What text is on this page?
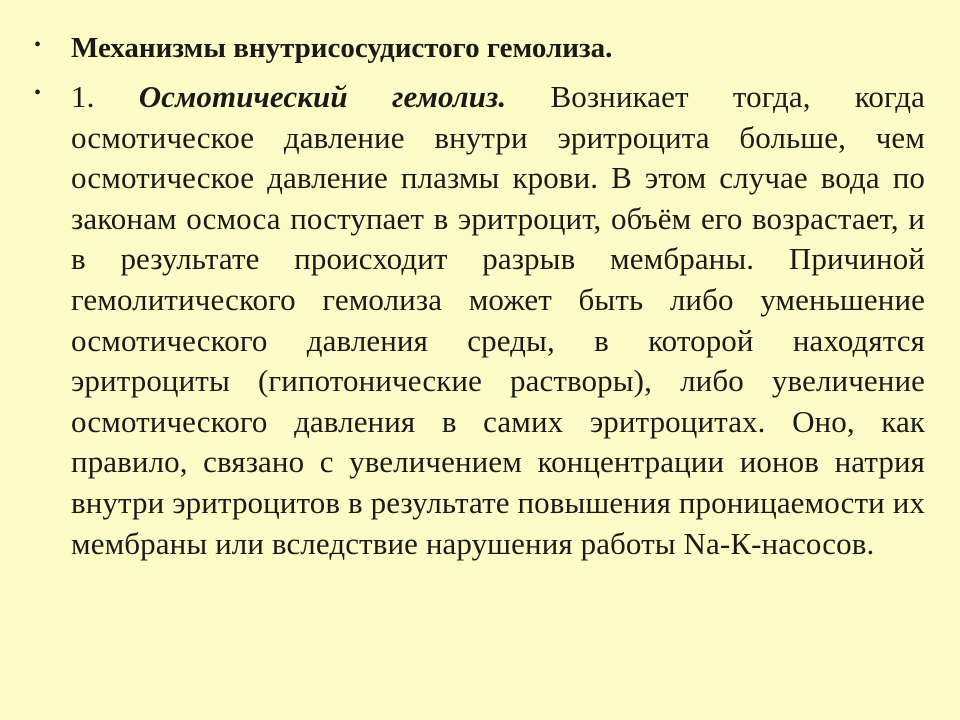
• Механизмы внутрисосудистого гемолиза.
• 1. Осмотический гемолиз. Возникает тогда, когда осмотическое давление внутри эритроцита больше, чем осмотическое давление плазмы крови. В этом случае вода по законам осмоса поступает в эритроцит, объём его возрастает, и в результате происходит разрыв мембраны. Причиной гемолитического гемолиза может быть либо уменьшение осмотического давления среды, в которой находятся эритроциты (гипотонические растворы), либо увеличение осмотического давления в самих эритроцитах. Оно, как правило, связано с увеличением концентрации ионов натрия внутри эритроцитов в результате повышения проницаемости их мембраны или вследствие нарушения работы Na-К-насосов.
